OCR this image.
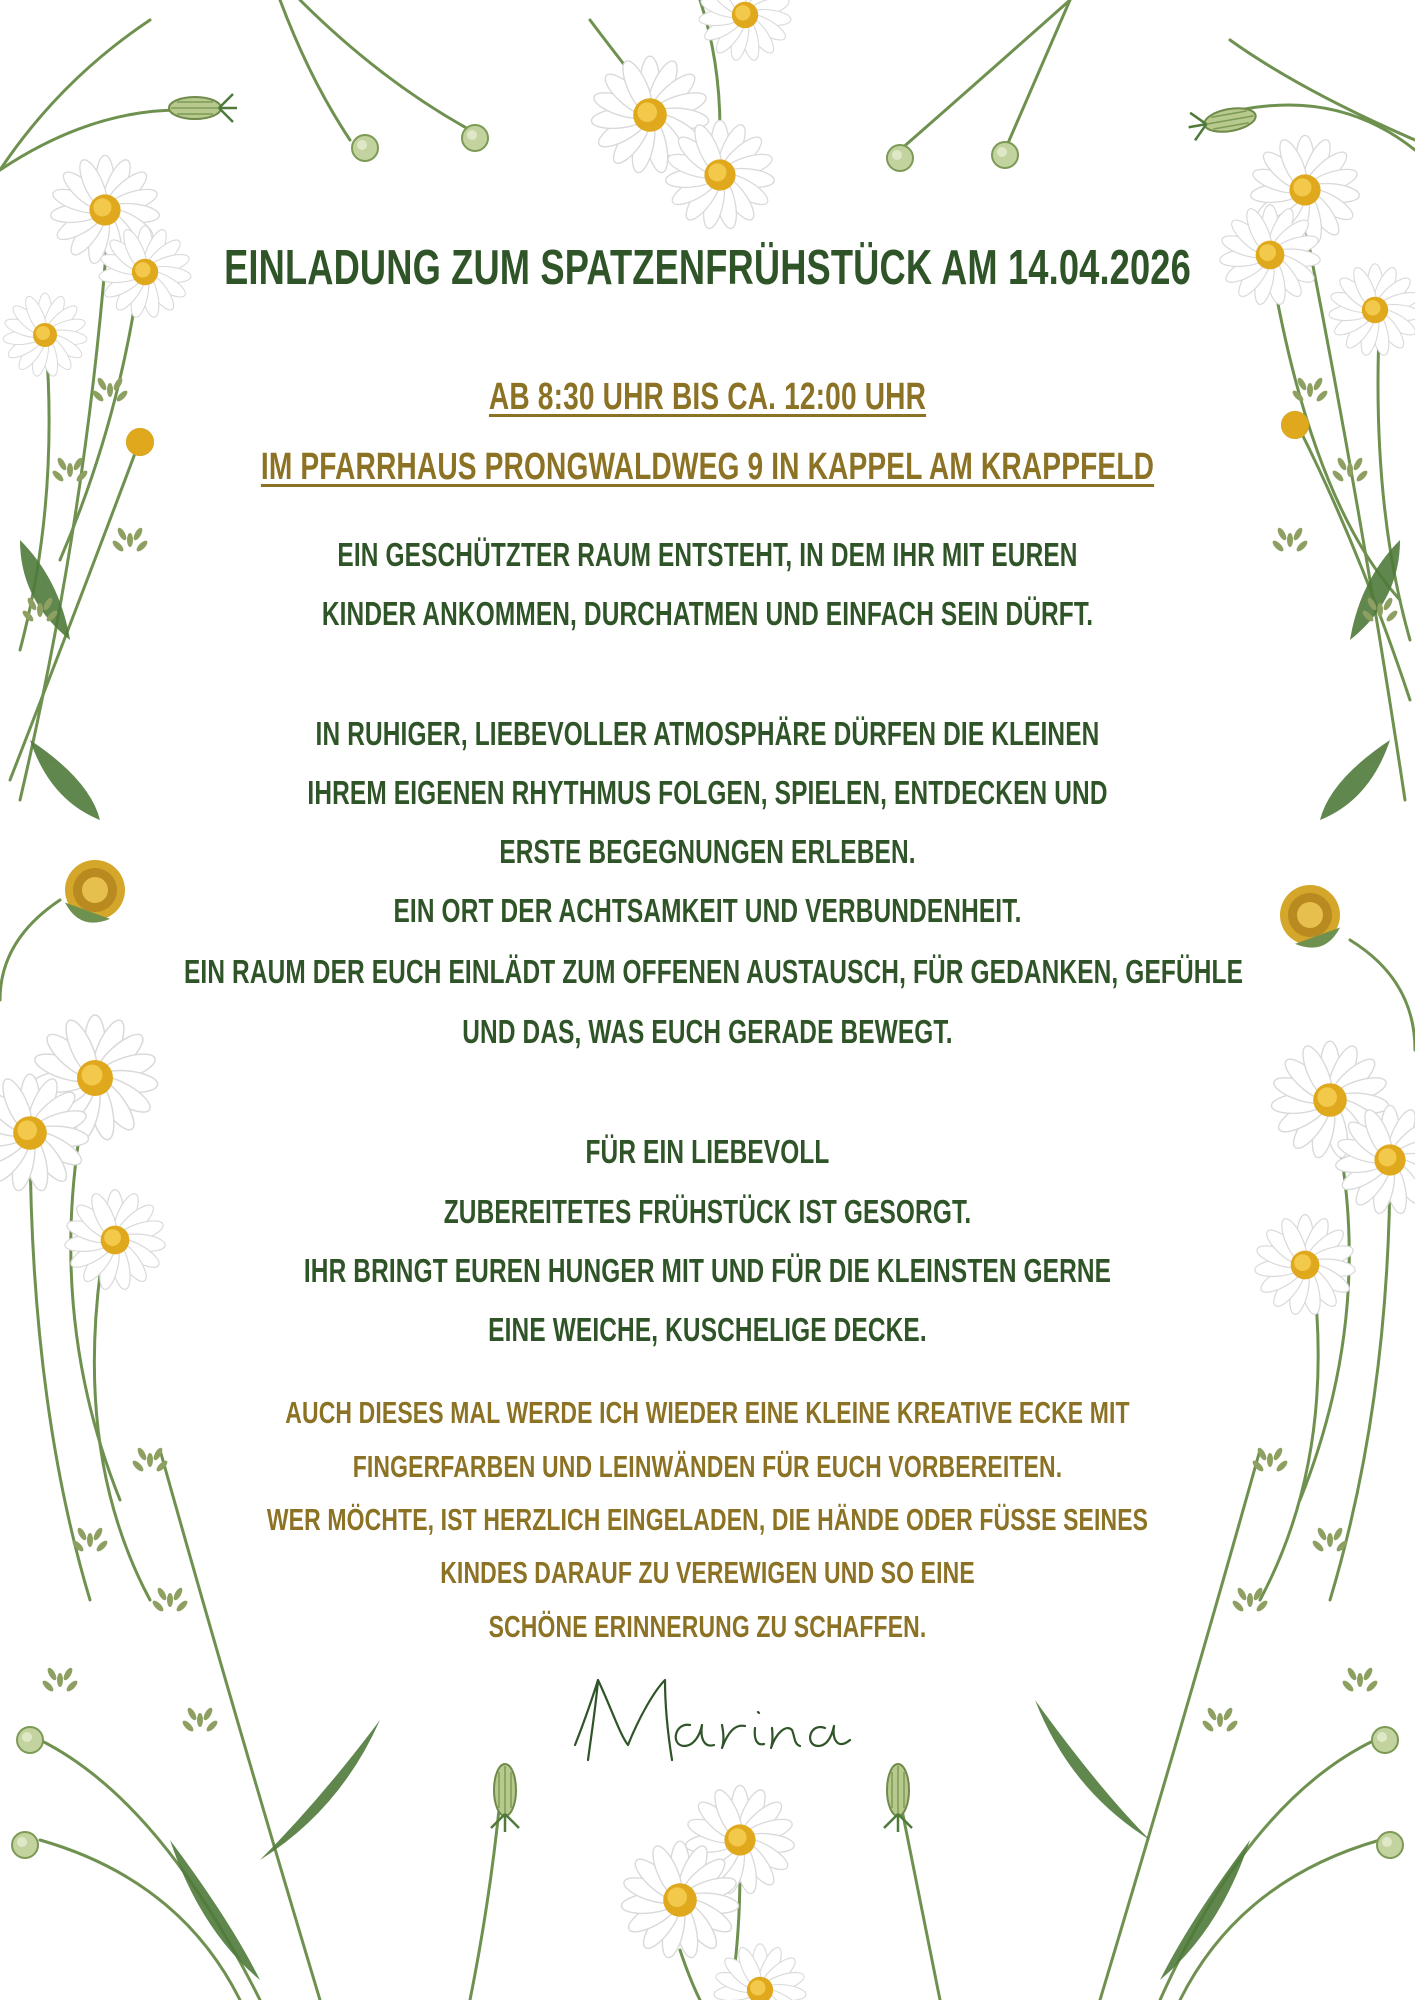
EINLADUNG ZUM SPATZENFRÜHSTÜCK AM 14.04.2026

AB 8:30 UHR BIS CA. 12:00 UHR

IM PFARRHAUS PRONGWALDWEG 9 IN KAPPEL AM KRAPPFELD

EIN GESCHÜTZTER RAUM ENTSTEHT, IN DEM IHR MIT EUREN

KINDER ANKOMMEN, DURCHATMEN UND EINFACH SEIN DÜRFT.

IN RUHIGER, LIEBEVOLLER ATMOSPHÄRE DÜRFEN DIE KLEINEN

IHREM EIGENEN RHYTHMUS FOLGEN, SPIELEN, ENTDECKEN UND

ERSTE BEGEGNUNGEN ERLEBEN.

EIN ORT DER ACHTSAMKEIT UND VERBUNDENHEIT.

EIN RAUM DER EUCH EINLÄDT ZUM OFFENEN AUSTAUSCH, FÜR GEDANKEN, GEFÜHLE

UND DAS, WAS EUCH GERADE BEWEGT.

FÜR EIN LIEBEVOLL

ZUBEREITETES FRÜHSTÜCK IST GESORGT.

IHR BRINGT EUREN HUNGER MIT UND FÜR DIE KLEINSTEN GERNE

EINE WEICHE, KUSCHELIGE DECKE.

AUCH DIESES MAL WERDE ICH WIEDER EINE KLEINE KREATIVE ECKE MIT

FINGERFARBEN UND LEINWÄNDEN FÜR EUCH VORBEREITEN.

WER MÖCHTE, IST HERZLICH EINGELADEN, DIE HÄNDE ODER FÜSSE SEINES

KINDES DARAUF ZU VEREWIGEN UND SO EINE

SCHÖNE ERINNERUNG ZU SCHAFFEN.
